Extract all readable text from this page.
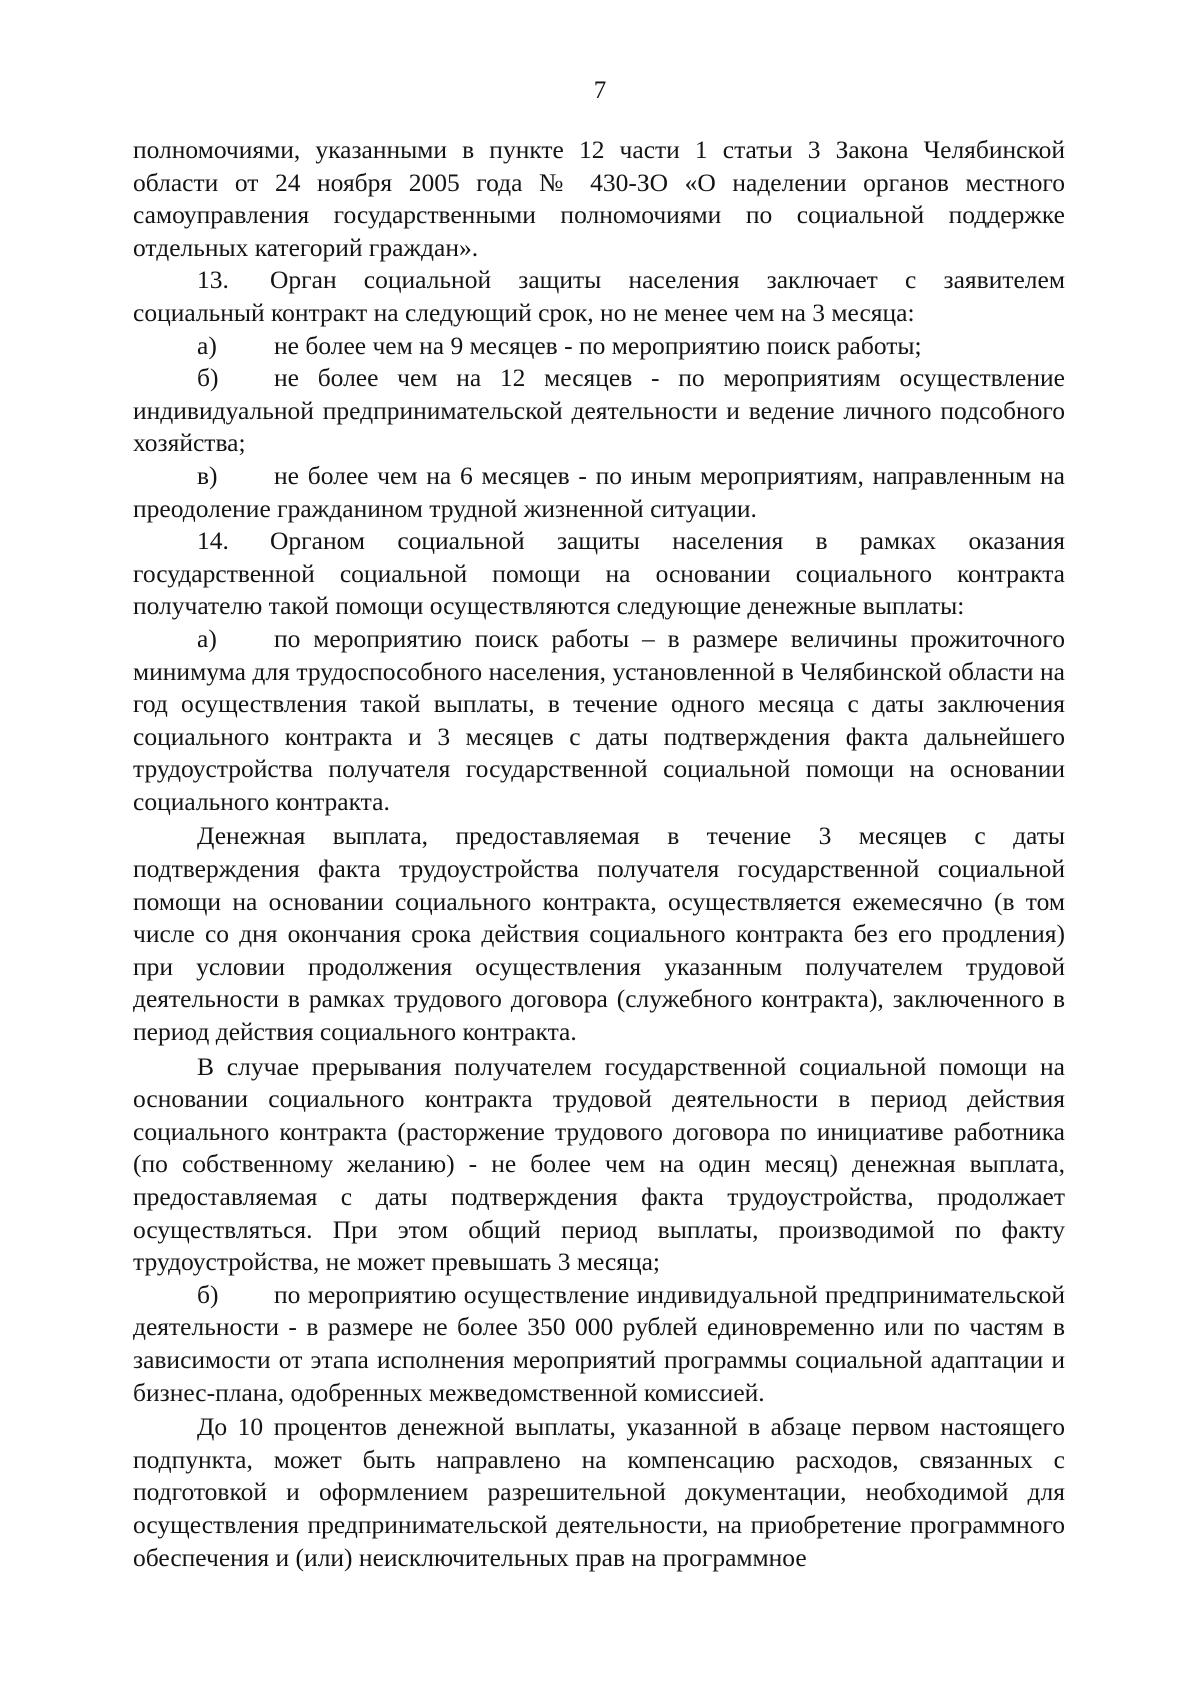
7

полномочиями, указанными в пункте 12 части 1 статьи 3 Закона Челябинской области от 24 ноября 2005 года № 430-ЗО «О наделении органов местного самоуправления государственными полномочиями по социальной поддержке отдельных категорий граждан».

13. Орган социальной защиты населения заключает с заявителем социальный контракт на следующий срок, но не менее чем на 3 месяца:

а) не более чем на 9 месяцев - по мероприятию поиск работы;

б) не более чем на 12 месяцев - по мероприятиям осуществление индивидуальной предпринимательской деятельности и ведение личного подсобного хозяйства;

в) не более чем на 6 месяцев - по иным мероприятиям, направленным на преодоление гражданином трудной жизненной ситуации.

14. Органом социальной защиты населения в рамках оказания государственной социальной помощи на основании социального контракта получателю такой помощи осуществляются следующие денежные выплаты:

а) по мероприятию поиск работы – в размере величины прожиточного минимума для трудоспособного населения, установленной в Челябинской области на год осуществления такой выплаты, в течение одного месяца с даты заключения социального контракта и 3 месяцев с даты подтверждения факта дальнейшего трудоустройства получателя государственной социальной помощи на основании социального контракта.

Денежная выплата, предоставляемая в течение 3 месяцев с даты подтверждения факта трудоустройства получателя государственной социальной помощи на основании социального контракта, осуществляется ежемесячно (в том числе со дня окончания срока действия социального контракта без его продления) при условии продолжения осуществления указанным получателем трудовой деятельности в рамках трудового договора (служебного контракта), заключенного в период действия социального контракта.

В случае прерывания получателем государственной социальной помощи на основании социального контракта трудовой деятельности в период действия социального контракта (расторжение трудового договора по инициативе работника (по собственному желанию) - не более чем на один месяц) денежная выплата, предоставляемая с даты подтверждения факта трудоустройства, продолжает осуществляться. При этом общий период выплаты, производимой по факту трудоустройства, не может превышать 3 месяца;

б) по мероприятию осуществление индивидуальной предпринимательской деятельности - в размере не более 350 000 рублей единовременно или по частям в зависимости от этапа исполнения мероприятий программы социальной адаптации и бизнес-плана, одобренных межведомственной комиссией.

До 10 процентов денежной выплаты, указанной в абзаце первом настоящего подпункта, может быть направлено на компенсацию расходов, связанных с подготовкой и оформлением разрешительной документации, необходимой для осуществления предпринимательской деятельности, на приобретение программного обеспечения и (или) неисключительных прав на программное
